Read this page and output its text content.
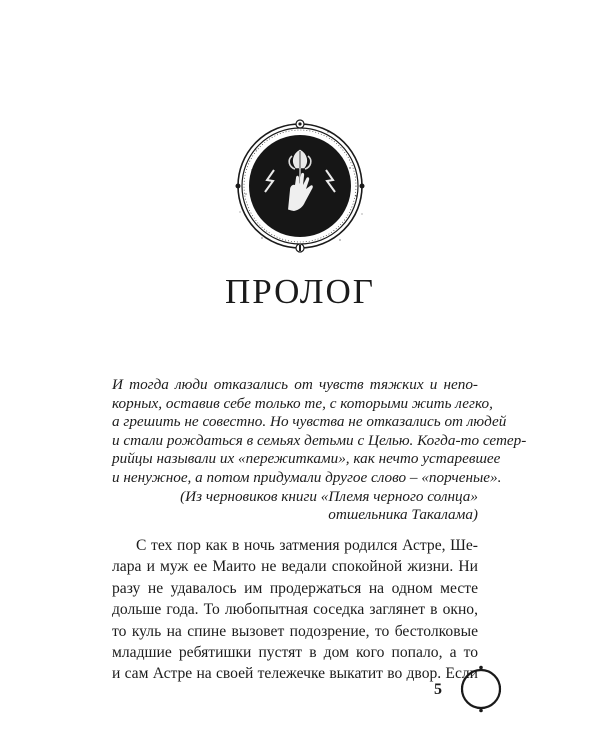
ПРОЛОГ
И тогда люди отказались от чувств тяжких и непо-
корных, оставив себе только те, с которыми жить легко,
а грешить не совестно. Но чувства не отказались от людей
и стали рождаться в семьях детьми с Целью. Когда-то сетер-
рийцы называли их «пережитками», как нечто устаревшее
и ненужное, а потом придумали другое слово – «порченые».
(Из черновиков книги «Племя черного солнца»
отшельника Такалама)
С тех пор как в ночь затмения родился Астре, Ше-
лара и муж ее Маито не ведали спокойной жизни. Ни
разу не удавалось им продержаться на одном месте
дольше года. То любопытная соседка заглянет в окно,
то куль на спине вызовет подозрение, то бестолковые
младшие ребятишки пустят в дом кого попало, а то
и сам Астре на своей тележечке выкатит во двор. Если
5
